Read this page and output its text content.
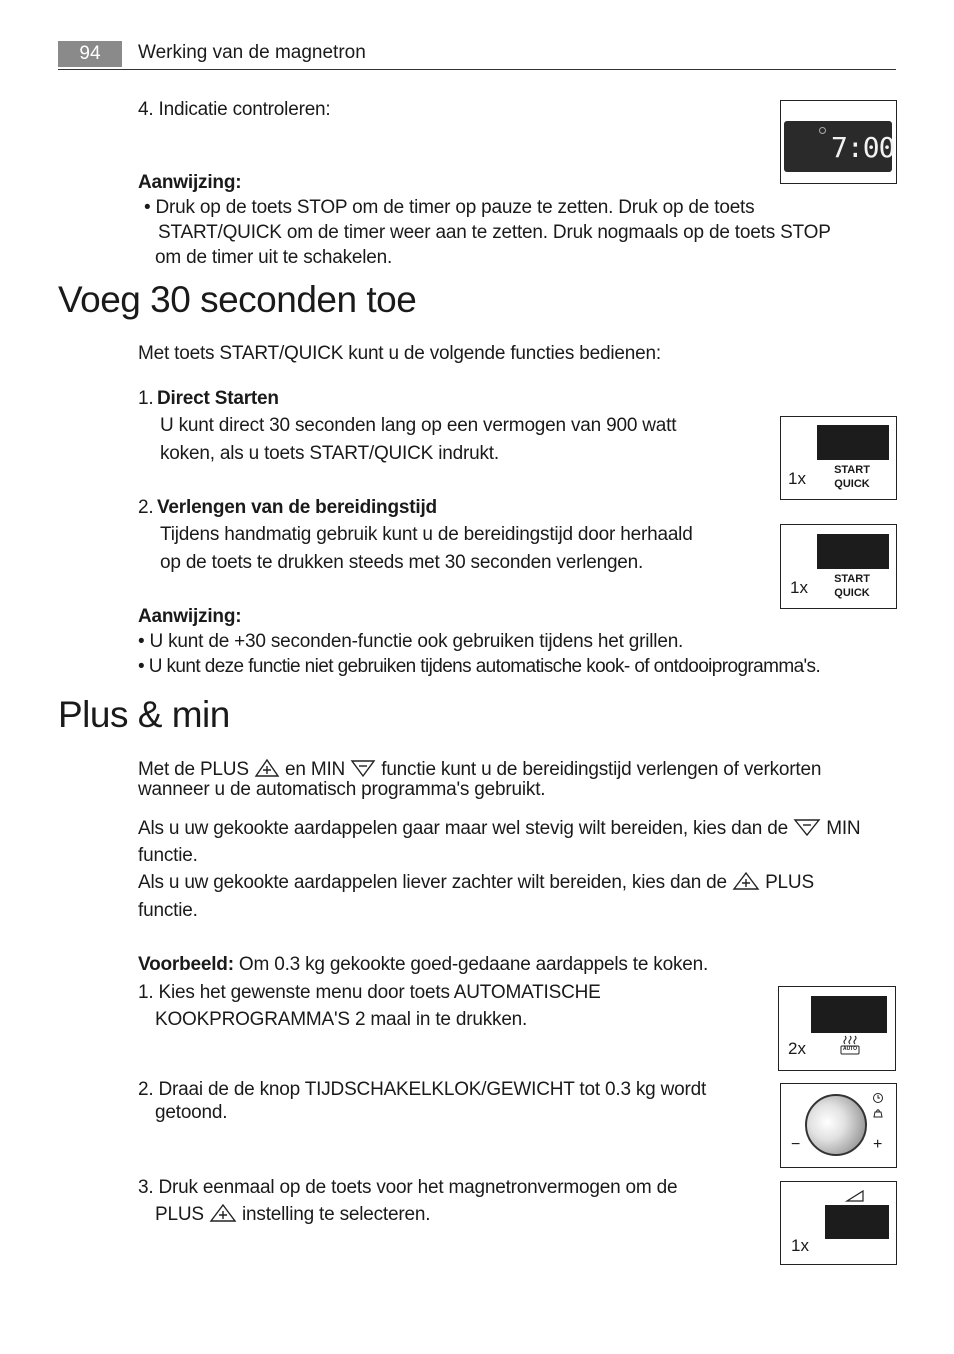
94	Werking van de magnetron
4. Indicatie controleren:
7:00
Aanwijzing:
• Druk op de toets STOP om de timer op pauze te zetten. Druk op de toets
START/QUICK om de timer weer aan te zetten. Druk nogmaals op de toets STOP
om de timer uit te schakelen.
Voeg 30 seconden toe
Met toets START/QUICK kunt u de volgende functies bedienen:
1. Direct Starten
U kunt direct 30 seconden lang op een vermogen van 900 watt
koken, als u toets START/QUICK indrukt.
2. Verlengen van de bereidingstijd
Tijdens handmatig gebruik kunt u de bereidingstijd door herhaald
op de toets te drukken steeds met 30 seconden verlengen.
Aanwijzing:
• U kunt de +30 seconden-functie ook gebruiken tijdens het grillen.
• U kunt deze functie niet gebruiken tijdens automatische kook- of ontdooiprogramma's.
1x	START
QUICK
1x	START
QUICK
Plus & min
Met de PLUS en MIN functie kunt u de bereidingstijd verlengen of verkorten
wanneer u de automatisch programma's gebruikt.
Als u uw gekookte aardappelen gaar maar wel stevig wilt bereiden, kies dan de MIN
functie.
Als u uw gekookte aardappelen liever zachter wilt bereiden, kies dan de PLUS
functie.
Voorbeeld: Om 0.3 kg gekookte goed-gedaane aardappels te koken.
1. Kies het gewenste menu door toets AUTOMATISCHE
KOOKPROGRAMMA'S 2 maal in te drukken.
2. Draai de de knop TIJDSCHAKELKLOK/GEWICHT tot 0.3 kg wordt
getoond.
3. Druk eenmaal op de toets voor het magnetronvermogen om de
PLUS instelling te selecteren.
2x	AUTO
−	+
1x
